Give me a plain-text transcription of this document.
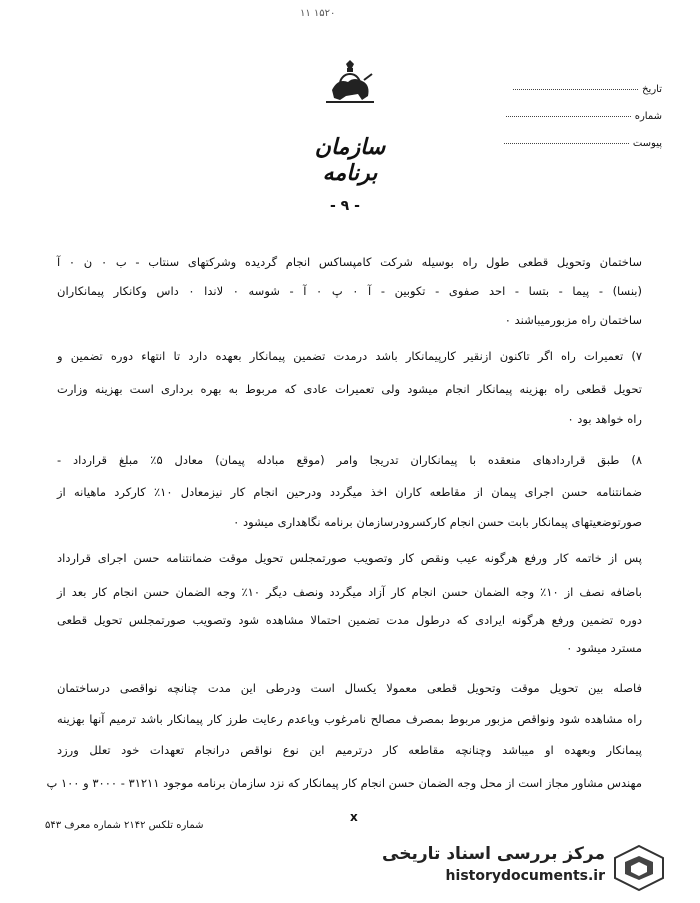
۱۱ ۱۵۲۰
سازمان برنامه
تاریخ
شماره
پیوست
- ۹ -
ساختمان وتحویل قطعی طول راه بوسیله شرکت کامپساکس انجام گردیده وشرکتهای سنتاب - ب ۰ ن ۰ آ
(بنسا) - پیما - بتسا - احد صفوی - تکوبین - آ ۰ پ ۰ آ - شوسه ۰ لاندا ۰ داس وکانکار پیمانکاران
ساختمان راه مزبورمیباشند ۰
۷) تعمیرات راه اگر تاکنون ازنقیر کارپیمانکار باشد درمدت تضمین پیمانکار بعهده دارد تا انتهاء دوره تضمین و
تحویل قطعی راه بهزینه پیمانکار انجام میشود ولی تعمیرات عادی که مربوط به بهره برداری است بهزینه وزارت
راه خواهد بود ۰
۸) طبق قراردادهای منعقده با پیمانکاران تدریجا وامر (موقع مبادله پیمان) معادل ۵٪ مبلغ قرارداد -
ضمانتنامه حسن اجرای پیمان از مقاطعه کاران اخذ میگردد ودرحین انجام کار نیزمعادل ۱۰٪ کارکرد ماهیانه از
صورتوضعیتهای پیمانکار بابت حسن انجام کارکسرودرسازمان برنامه نگاهداری میشود ۰
پس از خاتمه کار ورفع هرگونه عیب ونقص کار وتصویب صورتمجلس تحویل موقت ضمانتنامه حسن اجرای قرارداد
باضافه نصف از ۱۰٪ وجه الضمان حسن انجام کار آزاد میگردد ونصف دیگر ۱۰٪ وجه الضمان حسن انجام کار بعد از
دوره تضمین ورفع هرگونه ایرادی که درطول مدت تضمین احتمالا مشاهده شود وتصویب صورتمجلس تحویل قطعی
مسترد میشود ۰
فاصله بین تحویل موقت وتحویل قطعی معمولا یکسال است ودرطی این مدت چنانچه نواقصی درساختمان
راه مشاهده شود ونواقص مزبور مربوط بمصرف مصالح نامرغوب ویاعدم رعایت طرز کار پیمانکار باشد ترمیم آنها بهزینه
پیمانکار وبعهده او میباشد وچنانچه مقاطعه کار درترمیم این نوع نواقص درانجام تعهدات خود تعلل ورزد
مهندس مشاور مجاز است از محل وجه الضمان حسن انجام کار پیمانکار که نزد سازمان برنامه موجود ۳۱۲۱۱ - ۳۰۰۰ و ۱۰۰ پ
x
شماره تلکس ۲۱۴۲ شماره معرف ۵۴۳
مرکز بررسی اسناد تاریخی
historydocuments.ir
